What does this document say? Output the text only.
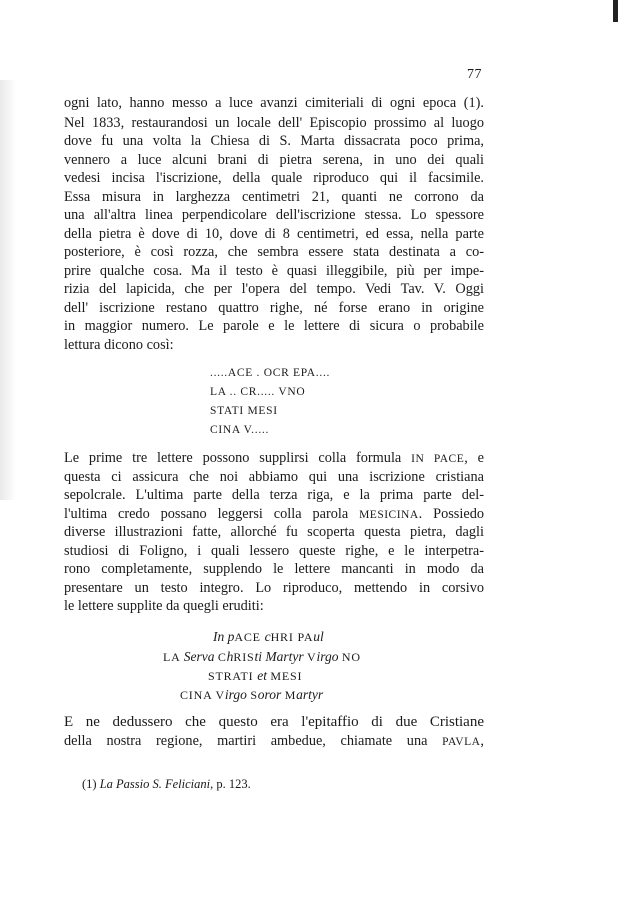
77
ogni lato, hanno messo a luce avanzi cimiteriali di ogni epoca (1).
Nel 1833, restaurandosi un locale dell' Episcopio prossimo al luogo
dove fu una volta la Chiesa di S. Marta dissacrata poco prima,
vennero a luce alcuni brani di pietra serena, in uno dei quali
vedesi incisa l'iscrizione, della quale riproduco qui il facsimile.
Essa misura in larghezza centimetri 21, quanti ne corrono da
una all'altra linea perpendicolare dell'iscrizione stessa. Lo spessore
della pietra è dove di 10, dove di 8 centimetri, ed essa, nella parte
posteriore, è così rozza, che sembra essere stata destinata a co-
prire qualche cosa. Ma il testo è quasi illeggibile, più per impe-
rizia del lapicida, che per l'opera del tempo. Vedi Tav. V. Oggi
dell' iscrizione restano quattro righe, né forse erano in origine
in maggior numero. Le parole e le lettere di sicura o probabile
lettura dicono così:
.....ACE . OCR EPA....
LA .. CR..... VNO
STATI MESI
CINA V.....
Le prime tre lettere possono supplirsi colla formula IN PACE, e
questa ci assicura che noi abbiamo qui una iscrizione cristiana
sepolcrale. L'ultima parte della terza riga, e la prima parte del-
l'ultima credo possano leggersi colla parola MESICINA. Possiedo
diverse illustrazioni fatte, allorché fu scoperta questa pietra, dagli
studiosi di Foligno, i quali lessero queste righe, e le interpetra-
rono completamente, supplendo le lettere mancanti in modo da
presentare un testo integro. Lo riproduco, mettendo in corsivo
le lettere supplite da quegli eruditi:
In pACE cHRI PAul
LA Serva ChRISti Martyr Virgo NO
STRATI et MESI
CINA Virgo Soror Martyr
E ne dedussero che questo era l'epitaffio di due Cristiane
della nostra regione, martiri ambedue, chiamate una PAVLA,
(1) La Passio S. Feliciani, p. 123.
